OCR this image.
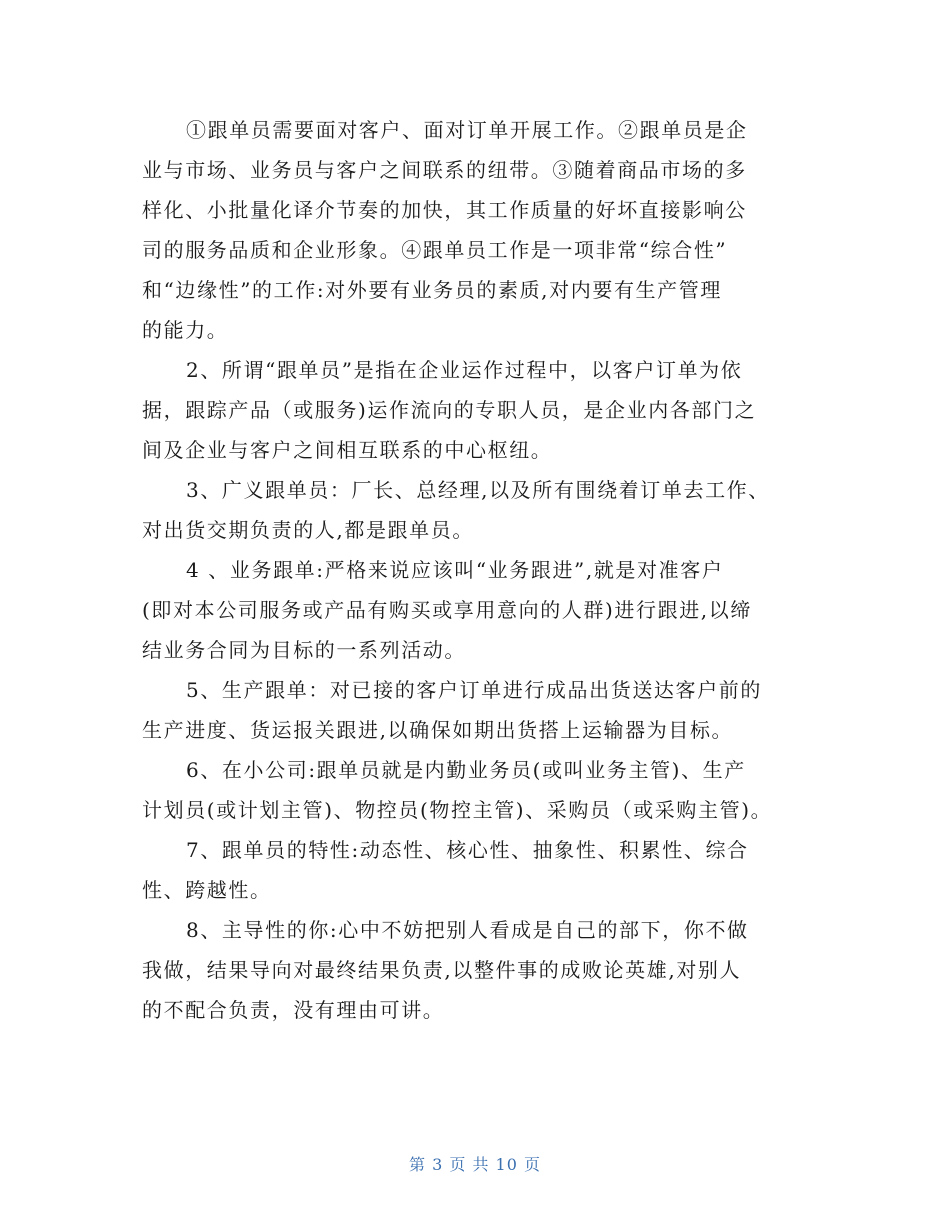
①跟单员需要面对客户、面对订单开展工作。②跟单员是企
业与市场、业务员与客户之间联系的纽带。③随着商品市场的多
样化、小批量化译介节奏的加快，其工作质量的好坏直接影响公
司的服务品质和企业形象。④跟单员工作是一项非常“综合性”
和“边缘性”的工作:对外要有业务员的素质,对内要有生产管理
的能力。
2、所谓“跟单员”是指在企业运作过程中，以客户订单为依
据，跟踪产品（或服务)运作流向的专职人员，是企业内各部门之
间及企业与客户之间相互联系的中心枢纽。
3、广义跟单员：厂长、总经理,以及所有围绕着订单去工作、
对出货交期负责的人,都是跟单员。
4 、业务跟单:严格来说应该叫“业务跟进”,就是对准客户
(即对本公司服务或产品有购买或享用意向的人群)进行跟进,以缔
结业务合同为目标的一系列活动。
5、生产跟单：对已接的客户订单进行成品出货送达客户前的
生产进度、货运报关跟进,以确保如期出货搭上运输器为目标。
6、在小公司:跟单员就是内勤业务员(或叫业务主管)、生产
计划员(或计划主管)、物控员(物控主管)、采购员（或采购主管)。
7、跟单员的特性:动态性、核心性、抽象性、积累性、综合
性、跨越性。
8、主导性的你:心中不妨把别人看成是自己的部下，你不做
我做，结果导向对最终结果负责,以整件事的成败论英雄,对别人
的不配合负责，没有理由可讲。
第 3 页 共 10 页
